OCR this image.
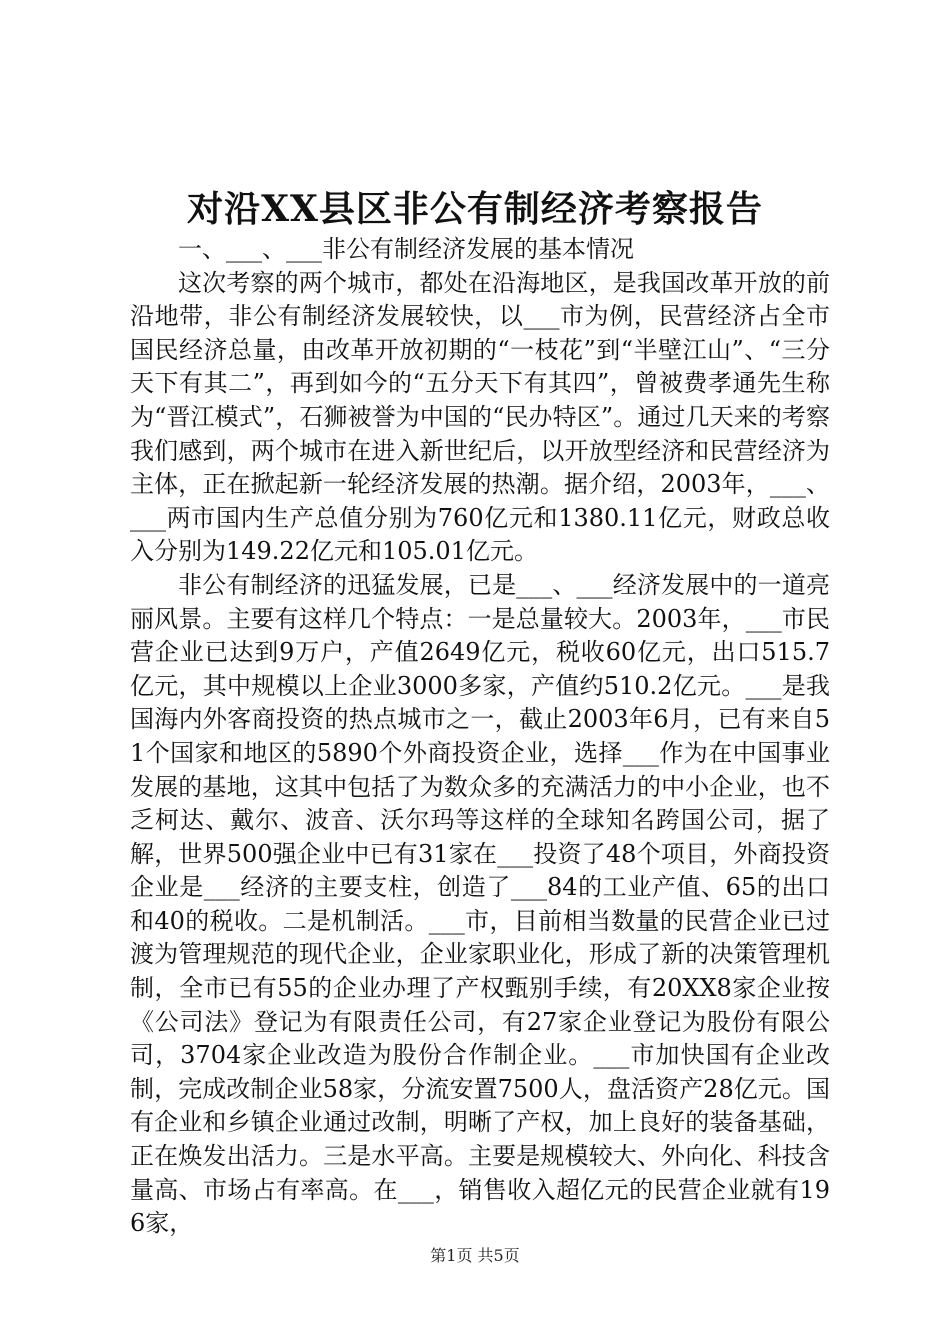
对沿XX县区非公有制经济考察报告

一、___、___非公有制经济发展的基本情况

这次考察的两个城市，都处在沿海地区，是我国改革开放的前沿地带，非公有制经济发展较快，以___市为例，民营经济占全市国民经济总量，由改革开放初期的“一枝花”到“半壁江山”、“三分天下有其二”，再到如今的“五分天下有其四”，曾被费孝通先生称为“晋江模式”，石狮被誉为中国的“民办特区”。通过几天来的考察我们感到，两个城市在进入新世纪后，以开放型经济和民营经济为主体，正在掀起新一轮经济发展的热潮。据介绍，2003年，___、___两市国内生产总值分别为760亿元和1380.11亿元，财政总收入分别为149.22亿元和105.01亿元。

非公有制经济的迅猛发展，已是___、___经济发展中的一道亮丽风景。主要有这样几个特点：一是总量较大。2003年，___市民营企业已达到9万户，产值2649亿元，税收60亿元，出口515.7亿元，其中规模以上企业3000多家，产值约510.2亿元。___是我国海内外客商投资的热点城市之一，截止2003年6月，已有来自51个国家和地区的5890个外商投资企业，选择___作为在中国事业发展的基地，这其中包括了为数众多的充满活力的中小企业，也不乏柯达、戴尔、波音、沃尔玛等这样的全球知名跨国公司，据了解，世界500强企业中已有31家在___投资了48个项目，外商投资企业是___经济的主要支柱，创造了___84的工业产值、65的出口和40的税收。二是机制活。___市，目前相当数量的民营企业已过渡为管理规范的现代企业，企业家职业化，形成了新的决策管理机制，全市已有55的企业办理了产权甄别手续，有20XX8家企业按《公司法》登记为有限责任公司，有27家企业登记为股份有限公司，3704家企业改造为股份合作制企业。___市加快国有企业改制，完成改制企业58家，分流安置7500人，盘活资产28亿元。国有企业和乡镇企业通过改制，明晰了产权，加上良好的装备基础，正在焕发出活力。三是水平高。主要是规模较大、外向化、科技含量高、市场占有率高。在___，销售收入超亿元的民营企业就有196家，

第1页 共5页
